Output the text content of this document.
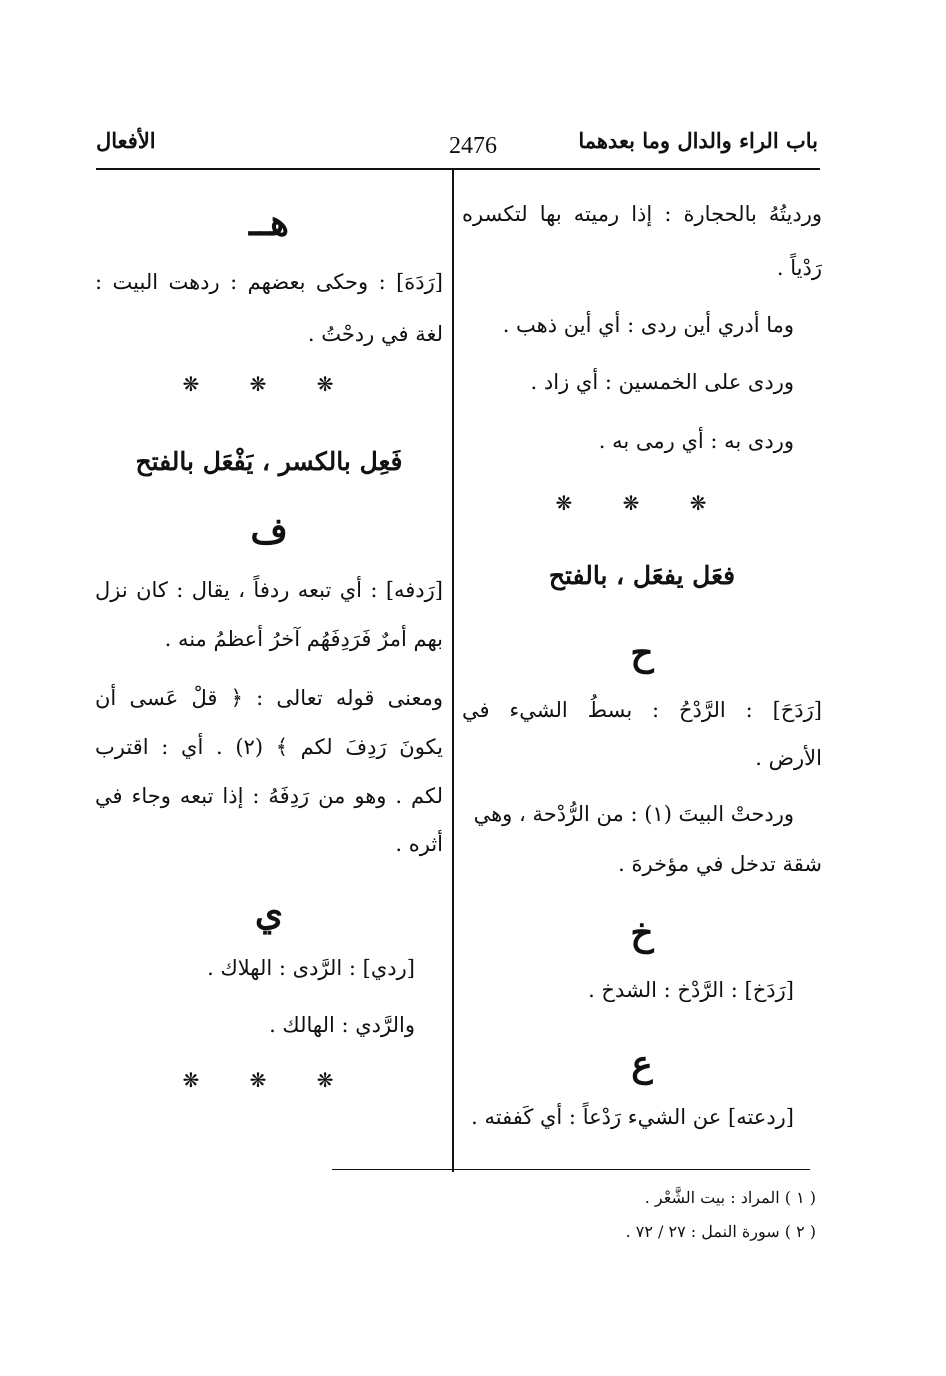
باب الراء والدال وما بعدهما
2476
الأفعال
ورديتُهُ بالحجارة : إذا رميته بها لتكسره
رَدْياً .
وما أدري أين ردى : أي أين ذهب .
وردى على الخمسين : أي زاد .
وردى به : أي رمى به .
❋ ❋ ❋
فعَل يفعَل ، بالفتح
ح
[رَدَحَ] : الرَّدْحُ : بسطُ الشيء في
الأرض .
وردحتْ البيتَ (١) : من الرُّدْحة ، وهي
شقة تدخل في مؤخرهَ .
خ
[رَدَخ] : الرَّدْخ : الشدخ .
ع
[ردعته] عن الشيء رَدْعاً : أي كَففته .
هــ
[رَدَهَ] : وحكى بعضهم : ردهت البيت :
لغة في ردحْتُ .
❋ ❋ ❋
فَعِل بالكسر ، يَفْعَل بالفتح
ف
[رَدفه] : أي تبعه ردفاً ، يقال : كان نزل
بهم أمرٌ فَرَدِفَهُم آخرُ أعظمُ منه .
ومعنى قوله تعالى : ﴿ قلْ عَسى أن
يكونَ رَدِفَ لكم ﴾ (٢) . أي : اقترب
لكم . وهو من رَدِفَهُ : إذا تبعه وجاء في
أثره .
ي
[ردي] : الرَّدى : الهلاك .
والرَّدي : الهالك .
❋ ❋ ❋
( ١ ) المراد : بيت الشَّعْر .
( ٢ ) سورة النمل : ٢٧ / ٧٢ .
